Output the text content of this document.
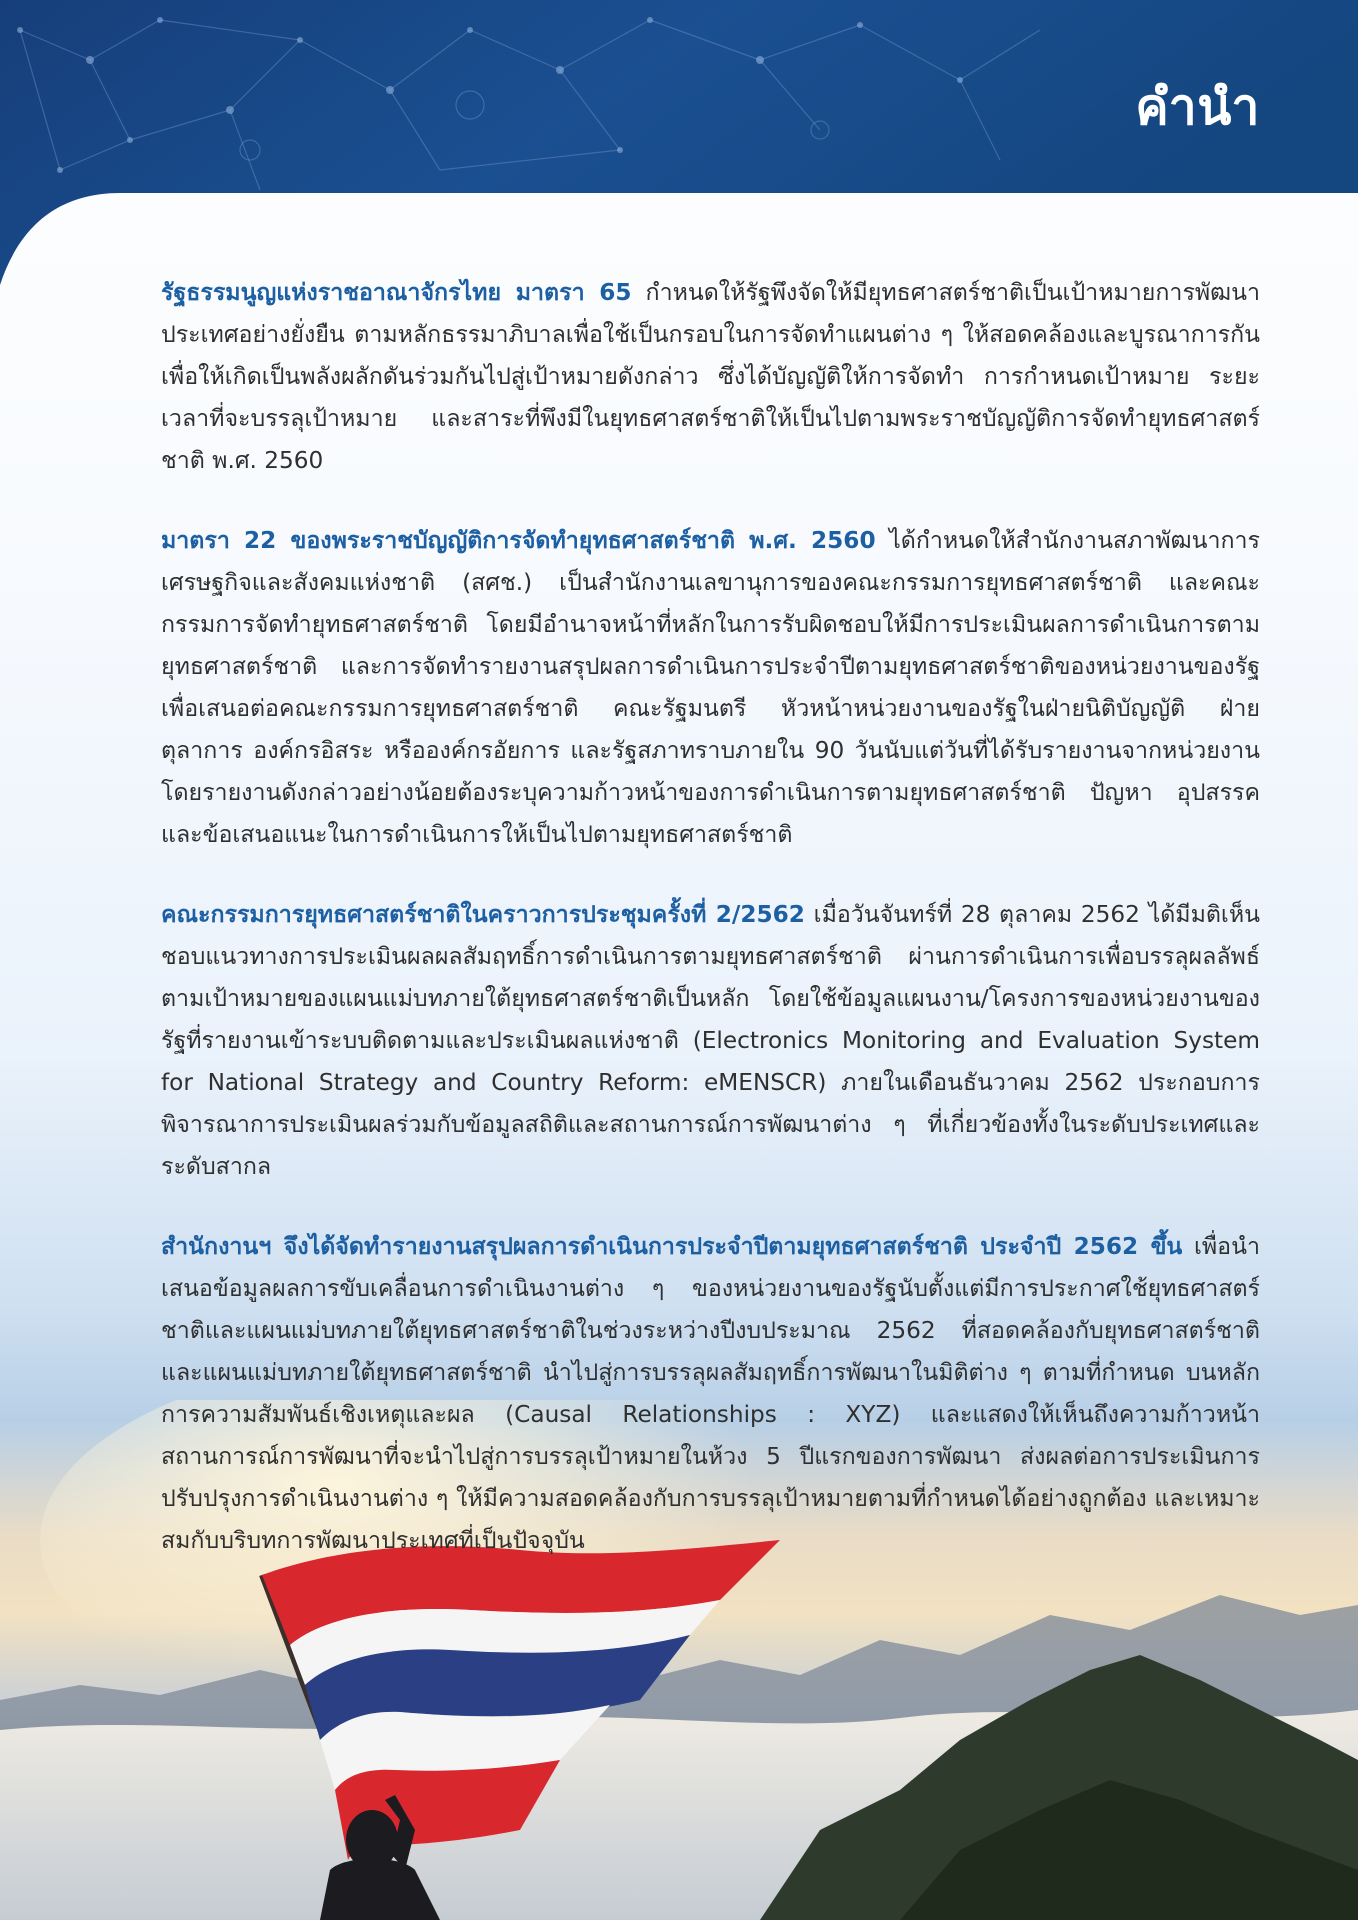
คำนำ

รัฐธรรมนูญแห่งราชอาณาจักรไทย มาตรา 65 กำหนดให้รัฐพึงจัดให้มียุทธศาสตร์ชาติเป็นเป้าหมายการพัฒนาประเทศอย่างยั่งยืน ตามหลักธรรมาภิบาลเพื่อใช้เป็นกรอบในการจัดทำแผนต่าง ๆ ให้สอดคล้องและบูรณาการกันเพื่อให้เกิดเป็นพลังผลักดันร่วมกันไปสู่เป้าหมายดังกล่าว ซึ่งได้บัญญัติให้การจัดทำ การกำหนดเป้าหมาย ระยะเวลาที่จะบรรลุเป้าหมาย และสาระที่พึงมีในยุทธศาสตร์ชาติให้เป็นไปตามพระราชบัญญัติการจัดทำยุทธศาสตร์ชาติ พ.ศ. 2560

มาตรา 22 ของพระราชบัญญัติการจัดทำยุทธศาสตร์ชาติ พ.ศ. 2560 ได้กำหนดให้สำนักงานสภาพัฒนาการเศรษฐกิจและสังคมแห่งชาติ (สศช.) เป็นสำนักงานเลขานุการของคณะกรรมการยุทธศาสตร์ชาติ และคณะกรรมการจัดทำยุทธศาสตร์ชาติ โดยมีอำนาจหน้าที่หลักในการรับผิดชอบให้มีการประเมินผลการดำเนินการตามยุทธศาสตร์ชาติ และการจัดทำรายงานสรุปผลการดำเนินการประจำปีตามยุทธศาสตร์ชาติของหน่วยงานของรัฐ เพื่อเสนอต่อคณะกรรมการยุทธศาสตร์ชาติ คณะรัฐมนตรี หัวหน้าหน่วยงานของรัฐในฝ่ายนิติบัญญัติ ฝ่ายตุลาการ องค์กรอิสระ หรือองค์กรอัยการ และรัฐสภาทราบภายใน 90 วันนับแต่วันที่ได้รับรายงานจากหน่วยงาน โดยรายงานดังกล่าวอย่างน้อยต้องระบุความก้าวหน้าของการดำเนินการตามยุทธศาสตร์ชาติ ปัญหา อุปสรรค และข้อเสนอแนะในการดำเนินการให้เป็นไปตามยุทธศาสตร์ชาติ

คณะกรรมการยุทธศาสตร์ชาติในคราวการประชุมครั้งที่ 2/2562 เมื่อวันจันทร์ที่ 28 ตุลาคม 2562 ได้มีมติเห็นชอบแนวทางการประเมินผลผลสัมฤทธิ์การดำเนินการตามยุทธศาสตร์ชาติ ผ่านการดำเนินการเพื่อบรรลุผลลัพธ์ตามเป้าหมายของแผนแม่บทภายใต้ยุทธศาสตร์ชาติเป็นหลัก โดยใช้ข้อมูลแผนงาน/โครงการของหน่วยงานของรัฐที่รายงานเข้าระบบติดตามและประเมินผลแห่งชาติ (Electronics Monitoring and Evaluation System for National Strategy and Country Reform: eMENSCR) ภายในเดือนธันวาคม 2562 ประกอบการพิจารณาการประเมินผลร่วมกับข้อมูลสถิติและสถานการณ์การพัฒนาต่าง ๆ ที่เกี่ยวข้องทั้งในระดับประเทศและระดับสากล

สำนักงานฯ จึงได้จัดทำรายงานสรุปผลการดำเนินการประจำปีตามยุทธศาสตร์ชาติ ประจำปี 2562 ขึ้น เพื่อนำเสนอข้อมูลผลการขับเคลื่อนการดำเนินงานต่าง ๆ ของหน่วยงานของรัฐนับตั้งแต่มีการประกาศใช้ยุทธศาสตร์ชาติและแผนแม่บทภายใต้ยุทธศาสตร์ชาติในช่วงระหว่างปีงบประมาณ 2562 ที่สอดคล้องกับยุทธศาสตร์ชาติและแผนแม่บทภายใต้ยุทธศาสตร์ชาติ นำไปสู่การบรรลุผลสัมฤทธิ์การพัฒนาในมิติต่าง ๆ ตามที่กำหนด บนหลักการความสัมพันธ์เชิงเหตุและผล (Causal Relationships : XYZ) และแสดงให้เห็นถึงความก้าวหน้าสถานการณ์การพัฒนาที่จะนำไปสู่การบรรลุเป้าหมายในห้วง 5 ปีแรกของการพัฒนา ส่งผลต่อการประเมินการปรับปรุงการดำเนินงานต่าง ๆ ให้มีความสอดคล้องกับการบรรลุเป้าหมายตามที่กำหนดได้อย่างถูกต้อง และเหมาะสมกับบริบทการพัฒนาประเทศที่เป็นปัจจุบัน
